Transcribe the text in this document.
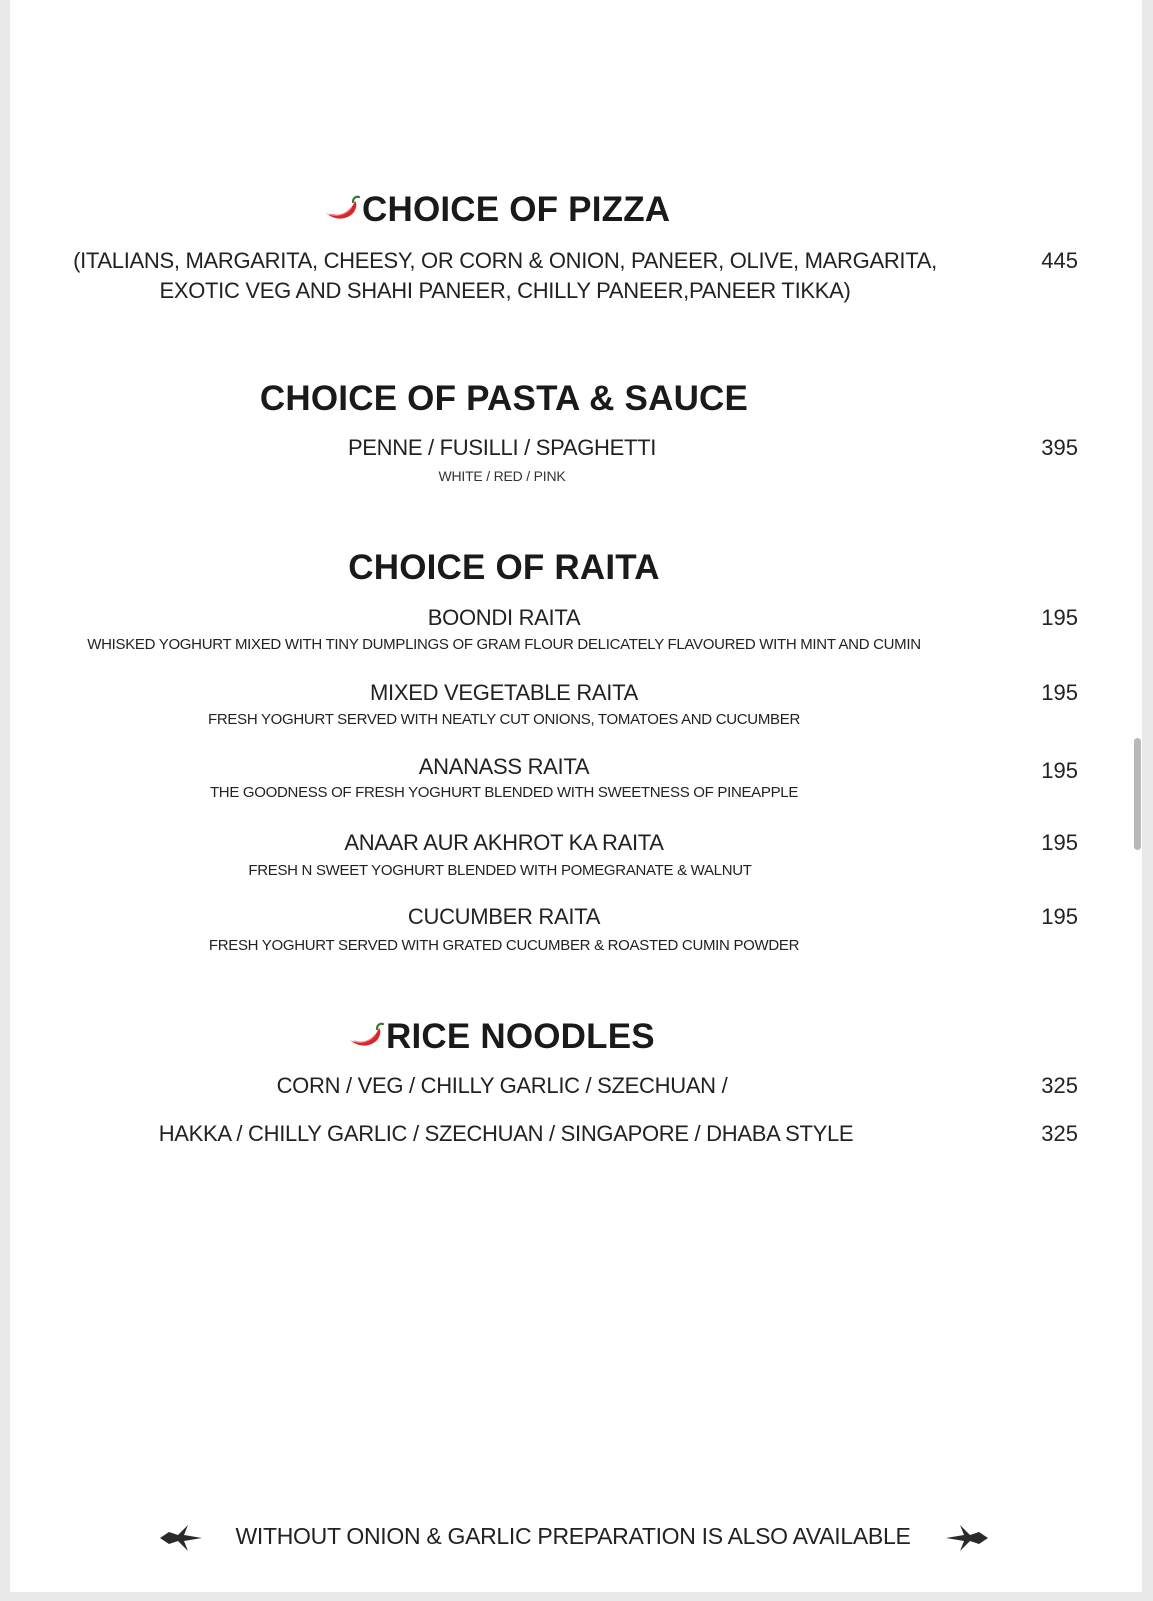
CHOICE OF PIZZA
(ITALIANS, MARGARITA, CHEESY, OR CORN & ONION, PANEER, OLIVE, MARGARITA,
EXOTIC VEG AND SHAHI PANEER, CHILLY PANEER,PANEER TIKKA)
445
CHOICE OF PASTA & SAUCE
PENNE / FUSILLI / SPAGHETTI
WHITE / RED / PINK
395
CHOICE OF RAITA
BOONDI RAITA
WHISKED YOGHURT MIXED WITH TINY DUMPLINGS OF GRAM FLOUR DELICATELY FLAVOURED WITH MINT AND CUMIN
195
MIXED VEGETABLE RAITA
FRESH YOGHURT SERVED WITH NEATLY CUT ONIONS, TOMATOES AND CUCUMBER
195
ANANASS RAITA
THE GOODNESS OF FRESH YOGHURT BLENDED WITH SWEETNESS OF PINEAPPLE
195
ANAAR AUR AKHROT KA RAITA
FRESH N SWEET YOGHURT BLENDED WITH POMEGRANATE & WALNUT
195
CUCUMBER RAITA
FRESH YOGHURT SERVED WITH GRATED CUCUMBER & ROASTED CUMIN POWDER
195
RICE NOODLES
CORN / VEG / CHILLY GARLIC / SZECHUAN /	325
HAKKA / CHILLY GARLIC / SZECHUAN / SINGAPORE / DHABA STYLE	325
WITHOUT ONION & GARLIC PREPARATION IS ALSO AVAILABLE
